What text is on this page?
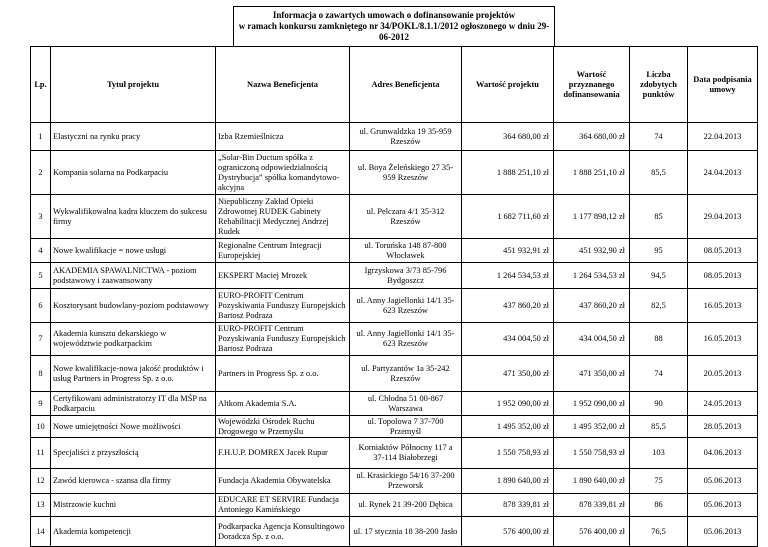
Informacja o zawartych umowach o dofinansowanie projektów
w ramach konkursu zamkniętego nr 34/POKL/8.1.1/2012 ogłoszonego w dniu 29-06-2012
Lp.	Tytuł projektu	Nazwa Beneficjenta	Adres Beneficjenta	Wartość projektu	Wartość przyznanego dofinansowania	Liczba zdobytych punktów	Data podpisania umowy
1	Elastyczni na rynku pracy	Izba Rzemieślnicza	ul. Grunwaldzka 19 35-959 Rzeszów	364 680,00 zł	364 680,00 zł	74	22.04.2013
2	Kompania solarna na Podkarpaciu	„Solar-Bin Ductum spółka z ograniczoną odpowiedzialnością Dystrybucja” spółka komandytowo-akcyjna	ul. Boya Żeleńskiego 27 35-959 Rzeszów	1 888 251,10 zł	1 888 251,10 zł	85,5	24.04.2013
3	Wykwalifikowalna kadra kluczem do sukcesu firmy	Niepubliczny Zakład Opieki Zdrowotnej RUDEK Gabinety Rehabilitacji Medycznej Andrzej Rudek	ul. Pelczara 4/1 35-312 Rzeszów	1 682 711,60 zł	1 177 898,12 zł	85	29.04.2013
4	Nowe kwalifikacje = nowe usługi	Regionalne Centrum Integracji Europejskiej	ul. Toruńska 148 87-800 Włocławek	451 932,91 zł	451 932,90 zł	95	08.05.2013
5	AKADEMIA SPAWALNICTWA - poziom podstawowy i zaawansowany	EKSPERT Maciej Mrozek	Igrzyskowa 3/73 85-796 Bydgoszcz	1 264 534,53 zł	1 264 534,53 zł	94,5	08.05.2013
6	Kosztorysant budowlany-poziom podstawowy	EURO-PROFIT Centrum Pozyskiwania Funduszy Europejskich Bartosz Podraza	ul. Anny Jagiellonki 14/1 35-623 Rzeszów	437 860,20 zł	437 860,20 zł	82,5	16.05.2013
7	Akademia kunsztu dekarskiego w województwie podkarpackim	EURO-PROFIT Centrum Pozyskiwania Funduszy Europejskich Bartosz Podraza	ul. Anny Jagiellonki 14/1 35-623 Rzeszów	434 004,50 zł	434 004,50 zł	88	16.05.2013
8	Nowe kwalifikacje-nowa jakość produktów i usług Partners in Progress Sp. z o.o.	Partners in Progress Sp. z o.o.	ul. Partyzantów 1a 35-242 Rzeszów	471 350,00 zł	471 350,00 zł	74	20.05.2013
9	Certyfikowani administratorzy IT dla MŚP na Podkarpaciu	Altkom Akademia S.A.	ul. Chłodna 51 00-867 Warszawa	1 952 090,00 zł	1 952 090,00 zł	90	24.05.2013
10	Nowe umiejętności Nowe możliwości	Wojewódzki Ośrodek Ruchu Drogowego w Przemyślu	ul. Topolowa 7 37-700 Przemyśl	1 495 352,00 zł	1 495 352,00 zł	85,5	28.05.2013
11	Specjaliści z przyszłością	F.H.U.P. DOMREX Jacek Rupar	Korniaktów Północny 117 a 37-114 Białobrzegi	1 550 758,93 zł	1 550 758,93 zł	103	04.06.2013
12	Zawód kierowca - szansa dla firmy	Fundacja Akademia Obywatelska	ul. Krasickiego 54/16 37-200 Przeworsk	1 890 640,00 zł	1 890 640,00 zł	75	05.06.2013
13	Mistrzowie kuchni	EDUCARE ET SERVIRE Fundacja Antoniego Kamińskiego	ul. Rynek 21 39-200 Dębica	878 339,81 zł	878 339,81 zł	86	05.06.2013
14	Akademia kompetencji	Podkarpacka Agencja Konsultingowo Doradcza Sp. z o.o.	ul. 17 stycznia 18 38-200 Jasło	576 400,00 zł	576 400,00 zł	76,5	05.06.2013
